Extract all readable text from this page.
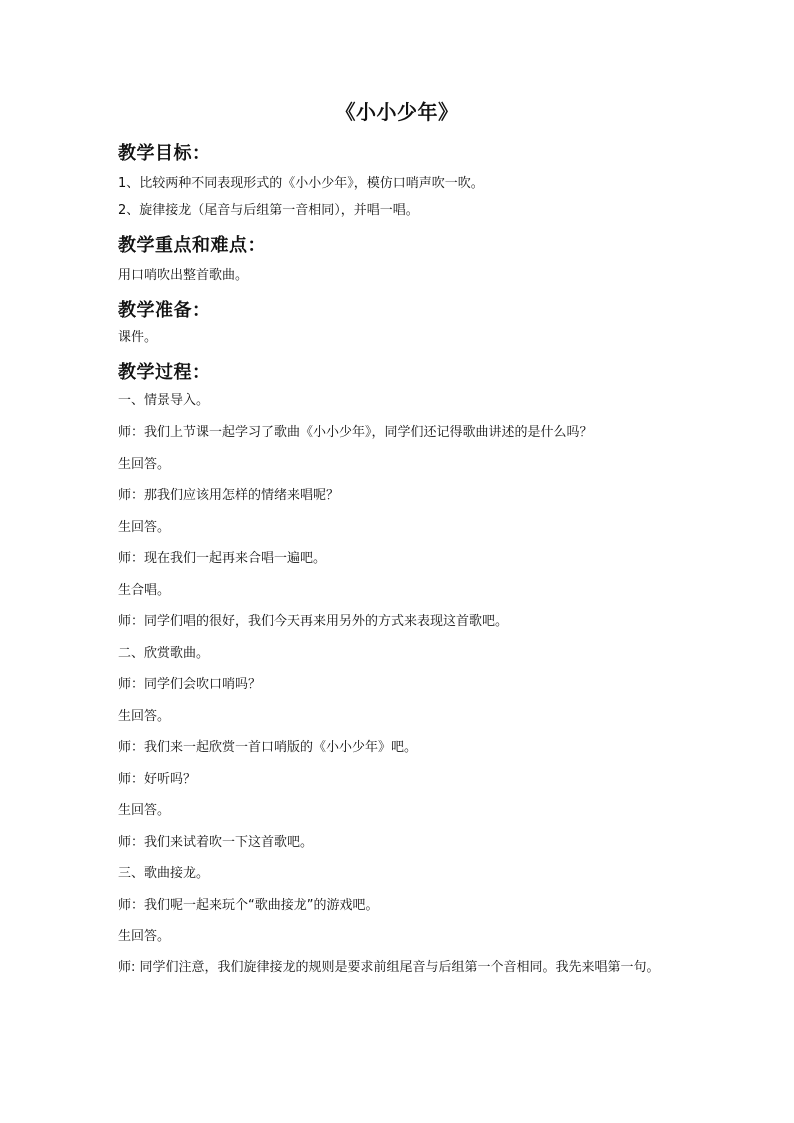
《小小少年》
教学目标：
1、比较两种不同表现形式的《小小少年》，模仿口哨声吹一吹。
2、旋律接龙（尾音与后组第一音相同），并唱一唱。
教学重点和难点：
用口哨吹出整首歌曲。
教学准备：
课件。
教学过程：
一、情景导入。
师：我们上节课一起学习了歌曲《小小少年》，同学们还记得歌曲讲述的是什么吗？
生回答。
师：那我们应该用怎样的情绪来唱呢？
生回答。
师：现在我们一起再来合唱一遍吧。
生合唱。
师：同学们唱的很好，我们今天再来用另外的方式来表现这首歌吧。
二、欣赏歌曲。
师：同学们会吹口哨吗？
生回答。
师：我们来一起欣赏一首口哨版的《小小少年》吧。
师：好听吗？
生回答。
师：我们来试着吹一下这首歌吧。
三、歌曲接龙。
师：我们呢一起来玩个“歌曲接龙”的游戏吧。
生回答。
师: 同学们注意，我们旋律接龙的规则是要求前组尾音与后组第一个音相同。我先来唱第一句。
